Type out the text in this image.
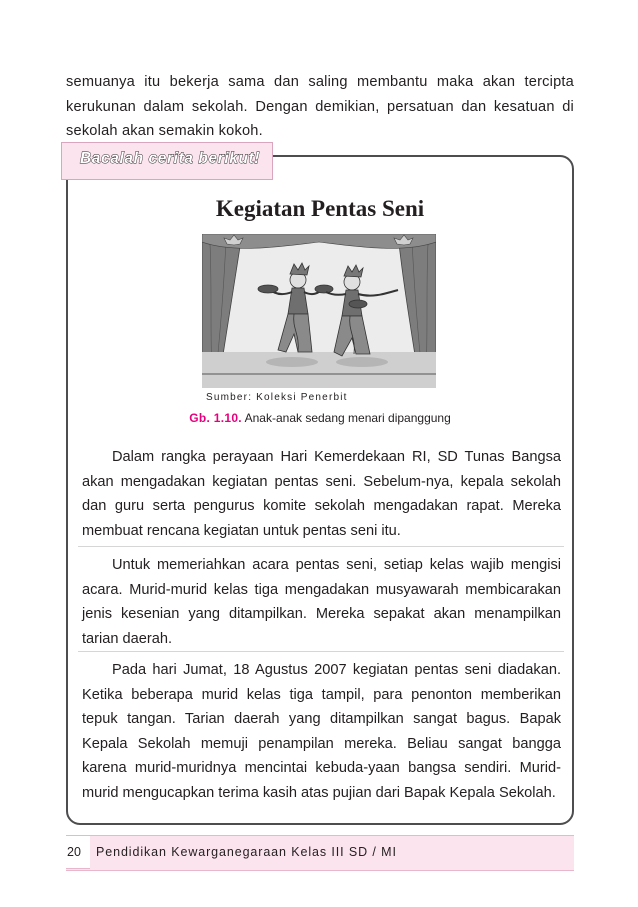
semuanya itu bekerja sama dan saling membantu maka akan tercipta kerukunan dalam sekolah. Dengan demikian, persatuan dan kesatuan di sekolah akan semakin kokoh.

Bacalah cerita berikut!
Kegiatan Pentas Seni
Sumber: Koleksi Penerbit
Gb. 1.10. Anak-anak sedang menari dipanggung

Dalam rangka perayaan Hari Kemerdekaan RI, SD Tunas Bangsa akan mengadakan kegiatan pentas seni. Sebelum-nya, kepala sekolah dan guru serta pengurus komite sekolah mengadakan rapat. Mereka membuat rencana kegiatan untuk pentas seni itu.

Untuk memeriahkan acara pentas seni, setiap kelas wajib mengisi acara. Murid-murid kelas tiga mengadakan musyawarah membicarakan jenis kesenian yang ditampilkan. Mereka sepakat akan menampilkan tarian daerah.

Pada hari Jumat, 18 Agustus 2007 kegiatan pentas seni diadakan. Ketika beberapa murid kelas tiga tampil, para penonton memberikan tepuk tangan. Tarian daerah yang ditampilkan sangat bagus. Bapak Kepala Sekolah memuji penampilan mereka. Beliau sangat bangga karena murid-muridnya mencintai kebuda-yaan bangsa sendiri. Murid-murid mengucapkan terima kasih atas pujian dari Bapak Kepala Sekolah.

20 Pendidikan Kewarganegaraan Kelas III SD / MI
